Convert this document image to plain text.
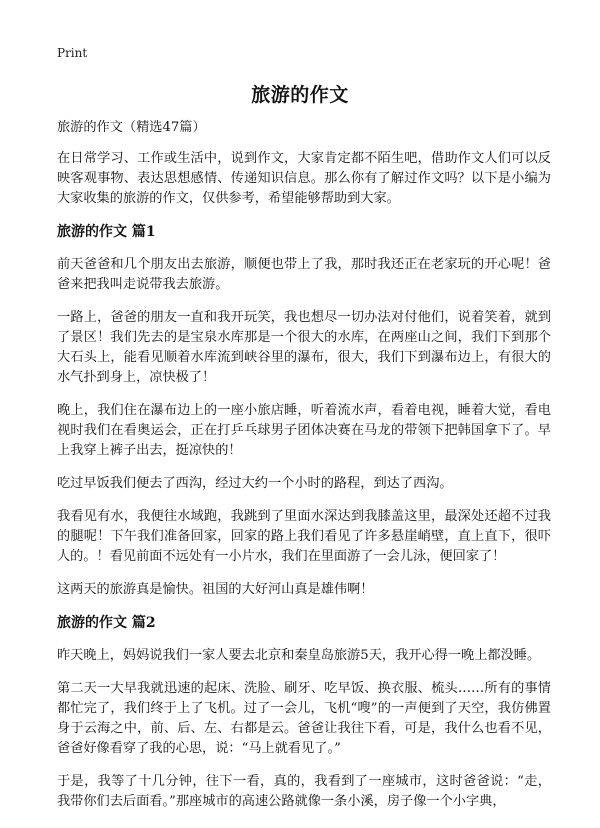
Print
旅游的作文

旅游的作文（精选47篇）

在日常学习、工作或生活中，说到作文，大家肯定都不陌生吧，借助作文人们可以反映客观事物、表达思想感情、传递知识信息。那么你有了解过作文吗？以下是小编为大家收集的旅游的作文，仅供参考，希望能够帮助到大家。

旅游的作文 篇1

前天爸爸和几个朋友出去旅游，顺便也带上了我，那时我还正在老家玩的开心呢！爸爸来把我叫走说带我去旅游。

一路上，爸爸的朋友一直和我开玩笑，我也想尽一切办法对付他们，说着笑着，就到了景区！我们先去的是宝泉水库那是一个很大的水库，在两座山之间，我们下到那个大石头上，能看见顺着水库流到峡谷里的瀑布，很大，我们下到瀑布边上，有很大的水气扑到身上，凉快极了！

晚上，我们住在瀑布边上的一座小旅店睡，听着流水声，看着电视，睡着大觉，看电视时我们在看奥运会，正在打乒乓球男子团体决赛在马龙的带领下把韩国拿下了。早上我穿上裤子出去，挺凉快的！

吃过早饭我们便去了西沟，经过大约一个小时的路程，到达了西沟。

我看见有水，我便往水域跑，我跳到了里面水深达到我膝盖这里，最深处还超不过我的腿呢！下午我们准备回家，回家的路上我们看见了许多悬崖峭壁，直上直下，很吓人的。！看见前面不远处有一小片水，我们在里面游了一会儿泳，便回家了！

这两天的旅游真是愉快。祖国的大好河山真是雄伟啊！

旅游的作文 篇2

昨天晚上，妈妈说我们一家人要去北京和秦皇岛旅游5天，我开心得一晚上都没睡。

第二天一大早我就迅速的起床、洗脸、刷牙、吃早饭、换衣服、梳头……所有的事情都忙完了，我们终于上了飞机。过了一会儿，飞机“嗖”的一声便到了天空，我仿佛置身于云海之中，前、后、左、右都是云。爸爸让我往下看，可是，我什么也看不见，爸爸好像看穿了我的心思，说：“马上就看见了。”

于是，我等了十几分钟，往下一看，真的，我看到了一座城市，这时爸爸说：“走，我带你们去后面看。”那座城市的高速公路就像一条小溪，房子像一个小字典，
